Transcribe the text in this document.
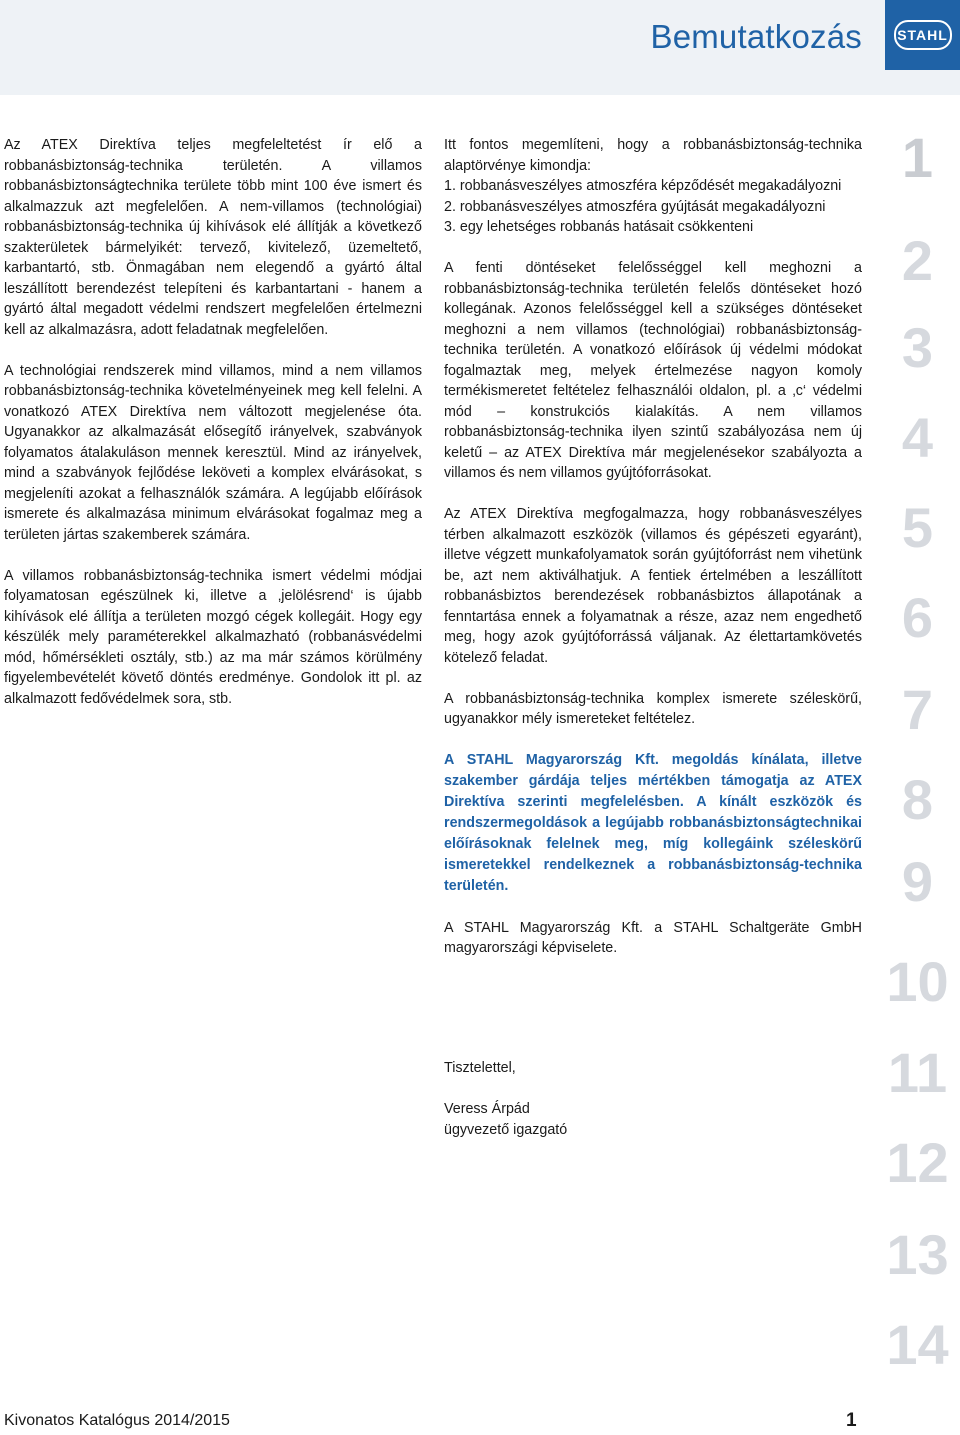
Bemutatkozás	STAHL

Az ATEX Direktíva teljes megfeleltetést ír elő a robbanásbiztonság-technika területén. A villamos robbanásbiztonságtechnika területe több mint 100 éve ismert és alkalmazzuk azt megfelelően. A nem-villamos (technológiai) robbanásbiztonság-technika új kihívások elé állítják a következő szakterületek bármelyikét: tervező, kivitelező, üzemeltető, karbantartó, stb. Önmagában nem elegendő a gyártó által leszállított berendezést telepíteni és karbantartani - hanem a gyártó által megadott védelmi rendszert megfelelően értelmezni kell az alkalmazásra, adott feladatnak megfelelően.

A technológiai rendszerek mind villamos, mind a nem villamos robbanásbiztonság-technika követelményeinek meg kell felelni. A vonatkozó ATEX Direktíva nem változott megjelenése óta. Ugyanakkor az alkalmazását elősegítő irányelvek, szabványok folyamatos átalakuláson mennek keresztül. Mind az irányelvek, mind a szabványok fejlődése leköveti a komplex elvárásokat, s megjeleníti azokat a felhasználók számára. A legújabb előírások ismerete és alkalmazása minimum elvárásokat fogalmaz meg a területen jártas szakemberek számára.

A villamos robbanásbiztonság-technika ismert védelmi módjai folyamatosan egészülnek ki, illetve a ‚jelölésrend‘ is újabb kihívások elé állítja a területen mozgó cégek kollegáit. Hogy egy készülék mely paraméterekkel alkalmazható (robbanásvédelmi mód, hőmérsékleti osztály, stb.) az ma már számos körülmény figyelembevételét követő döntés eredménye. Gondolok itt pl. az alkalmazott fedővédelmek sora, stb.

Itt fontos megemlíteni, hogy a robbanásbiztonság-technika alaptörvénye kimondja:

1. robbanásveszélyes atmoszféra képződését megakadályozni
2. robbanásveszélyes atmoszféra gyújtását megakadályozni
3. egy lehetséges robbanás hatásait csökkenteni

A fenti döntéseket felelősséggel kell meghozni a robbanásbiztonság-technika területén felelős döntéseket hozó kollegának. Azonos felelősséggel kell a szükséges döntéseket meghozni a nem villamos (technológiai) robbanásbiztonság-technika területén. A vonatkozó előírások új védelmi módokat fogalmaztak meg, melyek értelmezése nagyon komoly termékismeretet feltételez felhasználói oldalon, pl. a ‚c‘ védelmi mód – konstrukciós kialakítás. A nem villamos robbanásbiztonság-technika ilyen szintű szabályozása nem új keletű – az ATEX Direktíva már megjelenésekor szabályozta a villamos és nem villamos gyújtóforrásokat.

Az ATEX Direktíva megfogalmazza, hogy robbanásveszélyes térben alkalmazott eszközök (villamos és gépészeti egyaránt), illetve végzett munkafolyamatok során gyújtóforrást nem vihetünk be, azt nem aktiválhatjuk. A fentiek értelmében a leszállított robbanásbiztos berendezések robbanásbiztos állapotának a fenntartása ennek a folyamatnak a része, azaz nem engedhető meg, hogy azok gyújtóforrássá váljanak. Az élettartamkövetés kötelező feladat.

A robbanásbiztonság-technika komplex ismerete széleskörű, ugyanakkor mély ismereteket feltételez.

A STAHL Magyarország Kft. megoldás kínálata, illetve szakember gárdája teljes mértékben támogatja az ATEX Direktíva szerinti megfelelésben. A kínált eszközök és rendszermegoldások a legújabb robbanásbiztonságtechnikai előírásoknak felelnek meg, míg kollegáink széleskörű ismeretekkel rendelkeznek a robbanásbiztonság-technika területén.

A STAHL Magyarország Kft. a STAHL Schaltgeräte GmbH magyarországi képviselete.

Tisztelettel,
Veress Árpád
ügyvezető igazgató
1
2
3
4
5
6
7
8
9
10
11
12
13
14
Kivonatos Katalógus 2014/2015	1
